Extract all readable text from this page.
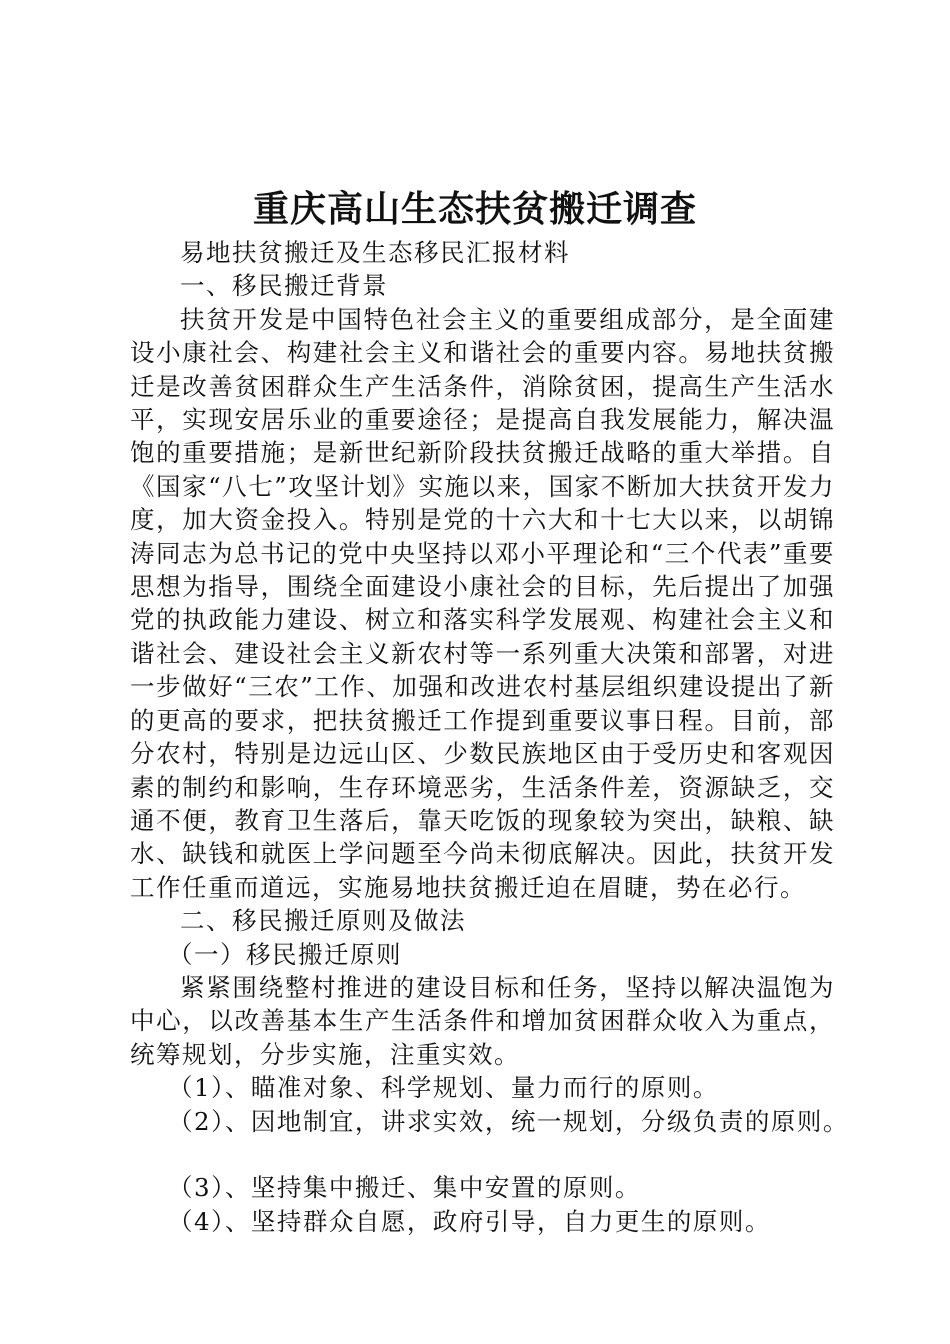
重庆高山生态扶贫搬迁调查

易地扶贫搬迁及生态移民汇报材料

一、移民搬迁背景

扶贫开发是中国特色社会主义的重要组成部分，是全面建设小康社会、构建社会主义和谐社会的重要内容。易地扶贫搬迁是改善贫困群众生产生活条件，消除贫困，提高生产生活水平，实现安居乐业的重要途径；是提高自我发展能力，解决温饱的重要措施；是新世纪新阶段扶贫搬迁战略的重大举措。自《国家“八七”攻坚计划》实施以来，国家不断加大扶贫开发力度，加大资金投入。特别是党的十六大和十七大以来，以胡锦涛同志为总书记的党中央坚持以邓小平理论和“三个代表”重要思想为指导，围绕全面建设小康社会的目标，先后提出了加强党的执政能力建设、树立和落实科学发展观、构建社会主义和谐社会、建设社会主义新农村等一系列重大决策和部署，对进一步做好“三农”工作、加强和改进农村基层组织建设提出了新的更高的要求，把扶贫搬迁工作提到重要议事日程。目前，部分农村，特别是边远山区、少数民族地区由于受历史和客观因素的制约和影响，生存环境恶劣，生活条件差，资源缺乏，交通不便，教育卫生落后，靠天吃饭的现象较为突出，缺粮、缺水、缺钱和就医上学问题至今尚未彻底解决。因此，扶贫开发工作任重而道远，实施易地扶贫搬迁迫在眉睫，势在必行。

二、移民搬迁原则及做法

（一）移民搬迁原则

紧紧围绕整村推进的建设目标和任务，坚持以解决温饱为中心，以改善基本生产生活条件和增加贫困群众收入为重点，统筹规划，分步实施，注重实效。

（1）、瞄准对象、科学规划、量力而行的原则。

（2）、因地制宜，讲求实效，统一规划，分级负责的原则。

（3）、坚持集中搬迁、集中安置的原则。

（4）、坚持群众自愿，政府引导，自力更生的原则。
